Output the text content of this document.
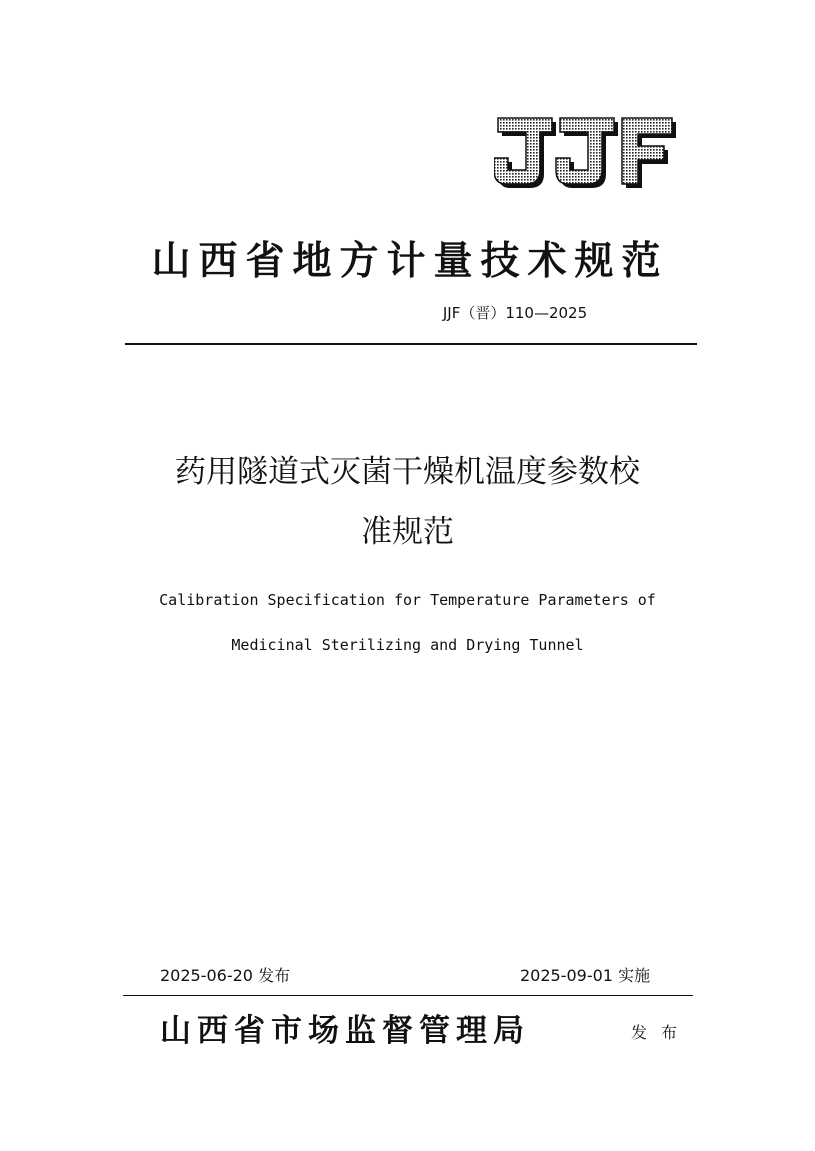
山西省地方计量技术规范
JJF（晋）110—2025
药用隧道式灭菌干燥机温度参数校
准规范
Calibration Specification for Temperature Parameters of
Medicinal Sterilizing and Drying Tunnel
2025-06-20 发布	2025-09-01 实施
山西省市场监督管理局	发布
